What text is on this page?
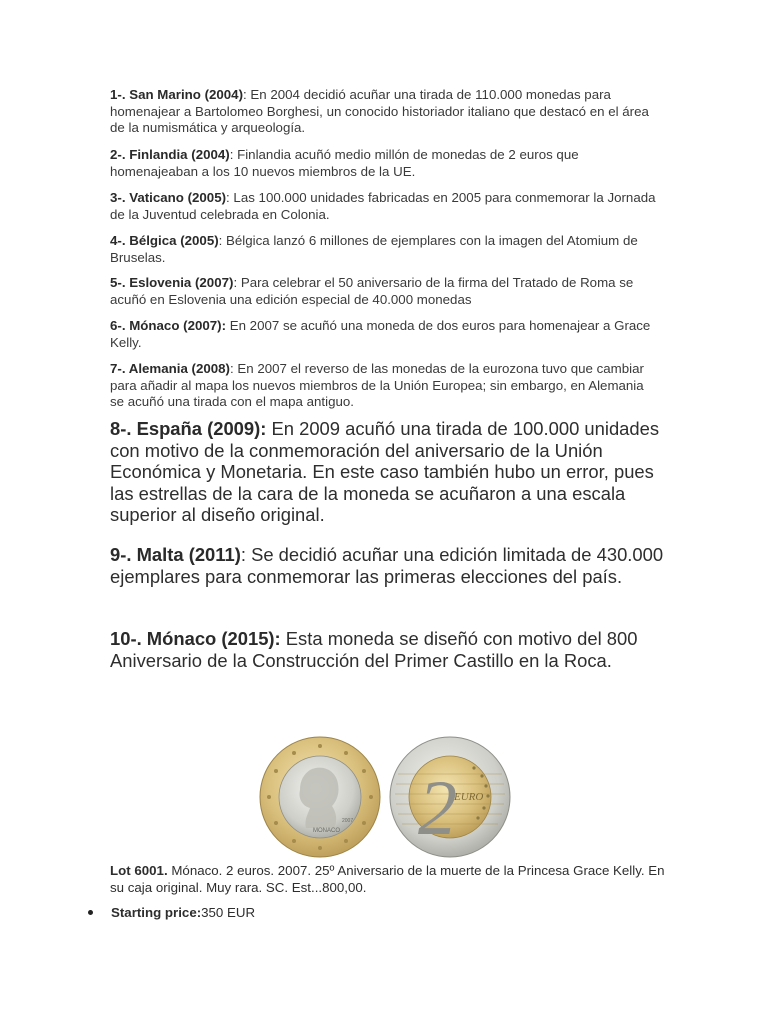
1-. San Marino (2004): En 2004 decidió acuñar una tirada de 110.000 monedas para homenajear a Bartolomeo Borghesi, un conocido historiador italiano que destacó en el área de la numismática y arqueología.
2-. Finlandia (2004): Finlandia acuñó medio millón de monedas de 2 euros que homenajeaban a los 10 nuevos miembros de la UE.
3-. Vaticano (2005): Las 100.000 unidades fabricadas en 2005 para conmemorar la Jornada de la Juventud celebrada en Colonia.
4-. Bélgica (2005): Bélgica lanzó 6 millones de ejemplares con la imagen del Atomium de Bruselas.
5-. Eslovenia (2007): Para celebrar el 50 aniversario de la firma del Tratado de Roma se acuñó en Eslovenia una edición especial de 40.000 monedas
6-. Mónaco (2007): En 2007 se acuñó una moneda de dos euros para homenajear a Grace Kelly.
7-. Alemania (2008): En 2007 el reverso de las monedas de la eurozona tuvo que cambiar para añadir al mapa los nuevos miembros de la Unión Europea; sin embargo, en Alemania se acuñó una tirada con el mapa antiguo.
8-. España (2009): En 2009 acuñó una tirada de 100.000 unidades con motivo de la conmemoración del aniversario de la Unión Económica y Monetaria. En este caso también hubo un error, pues las estrellas de la cara de la moneda se acuñaron a una escala superior al diseño original.
9-. Malta (2011): Se decidió acuñar una edición limitada de 430.000 ejemplares para conmemorar las primeras elecciones del país.
10-. Mónaco (2015): Esta moneda se diseñó con motivo del 800 Aniversario de la Construcción del Primer Castillo en la Roca.
MONACO
2007 2
EURO
Lot 6001. Mónaco. 2 euros. 2007. 25º Aniversario de la muerte de la Princesa Grace Kelly. En su caja original. Muy rara. SC. Est...800,00.
Starting price:350 EUR
